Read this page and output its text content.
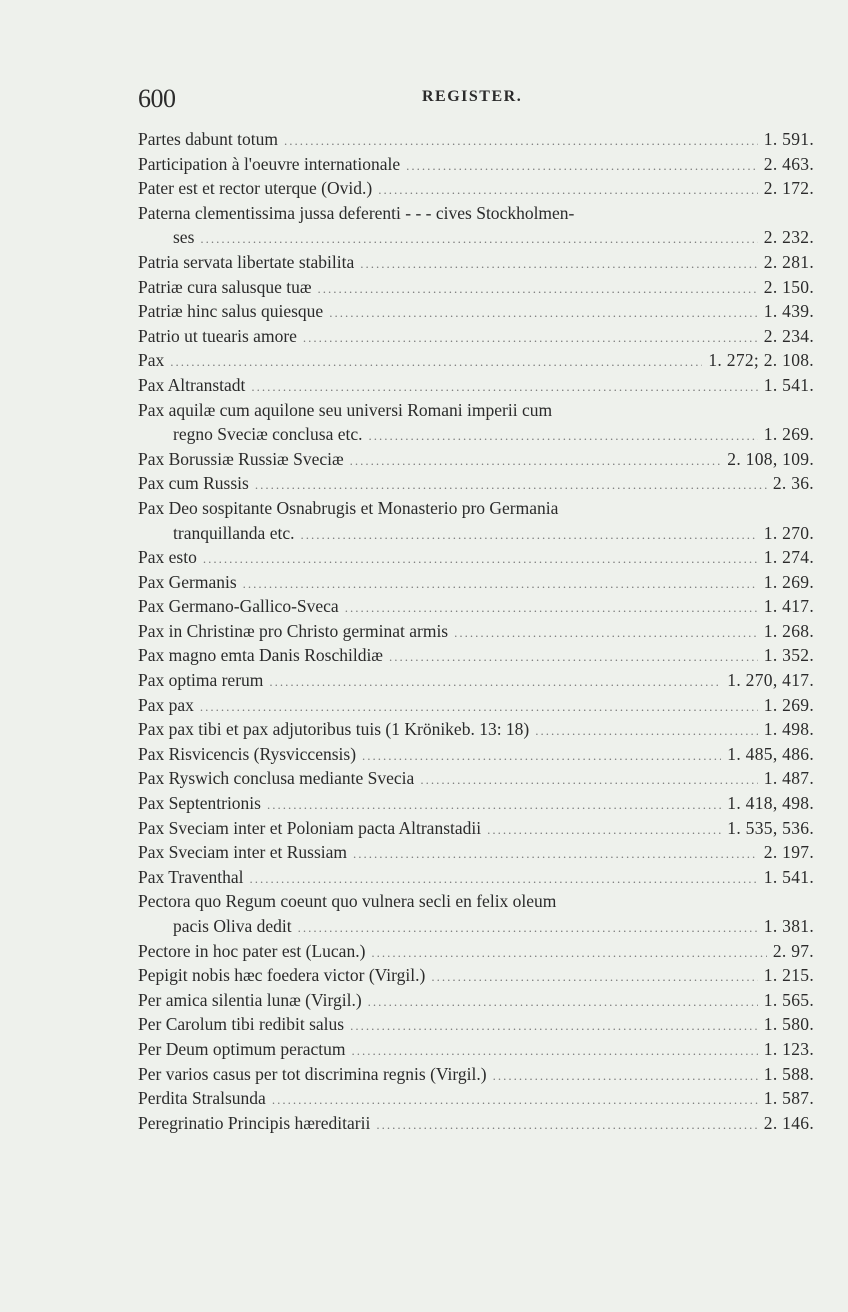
600	REGISTER.
Partes dabunt totum .....	1. 591.
Participation à l'oeuvre internationale .....	2. 463.
Pater est et rector uterque (Ovid.) .....	2. 172.
Paterna clementissima jussa deferenti - - - cives Stockholmen-
ses .....	2. 232.
Patria servata libertate stabilita .....	2. 281.
Patriæ cura salusque tuæ .....	2. 150.
Patriæ hinc salus quiesque .....	1. 439.
Patrio ut tuearis amore .....	2. 234.
Pax .....	1. 272; 2. 108.
Pax Altranstadt .....	1. 541.
Pax aquilæ cum aquilone seu universi Romani imperii cum
regno Sveciæ conclusa etc. .....	1. 269.
Pax Borussiæ Russiæ Sveciæ .....	2. 108, 109.
Pax cum Russis .....	2. 36.
Pax Deo sospitante Osnabrugis et Monasterio pro Germania
tranquillanda etc. .....	1. 270.
Pax esto .....	1. 274.
Pax Germanis .....	1. 269.
Pax Germano-Gallico-Sveca .....	1. 417.
Pax in Christinæ pro Christo germinat armis .....	1. 268.
Pax magno emta Danis Roschildiæ .....	1. 352.
Pax optima rerum .....	1. 270, 417.
Pax pax .....	1. 269.
Pax pax tibi et pax adjutoribus tuis (1 Krönikeb. 13: 18) .....	1. 498.
Pax Risvicencis (Rysviccensis) .....	1. 485, 486.
Pax Ryswich conclusa mediante Svecia .....	1. 487.
Pax Septentrionis .....	1. 418, 498.
Pax Sveciam inter et Poloniam pacta Altranstadii .....	1. 535, 536.
Pax Sveciam inter et Russiam .....	2. 197.
Pax Traventhal .....	1. 541.
Pectora quo Regum coeunt quo vulnera secli en felix oleum
pacis Oliva dedit .....	1. 381.
Pectore in hoc pater est (Lucan.) .....	2. 97.
Pepigit nobis hæc foedera victor (Virgil.) .....	1. 215.
Per amica silentia lunæ (Virgil.) .....	1. 565.
Per Carolum tibi redibit salus .....	1. 580.
Per Deum optimum peractum .....	1. 123.
Per varios casus per tot discrimina regnis (Virgil.) .....	1. 588.
Perdita Stralsunda .....	1. 587.
Peregrinatio Principis hæreditarii .....	2. 146.
